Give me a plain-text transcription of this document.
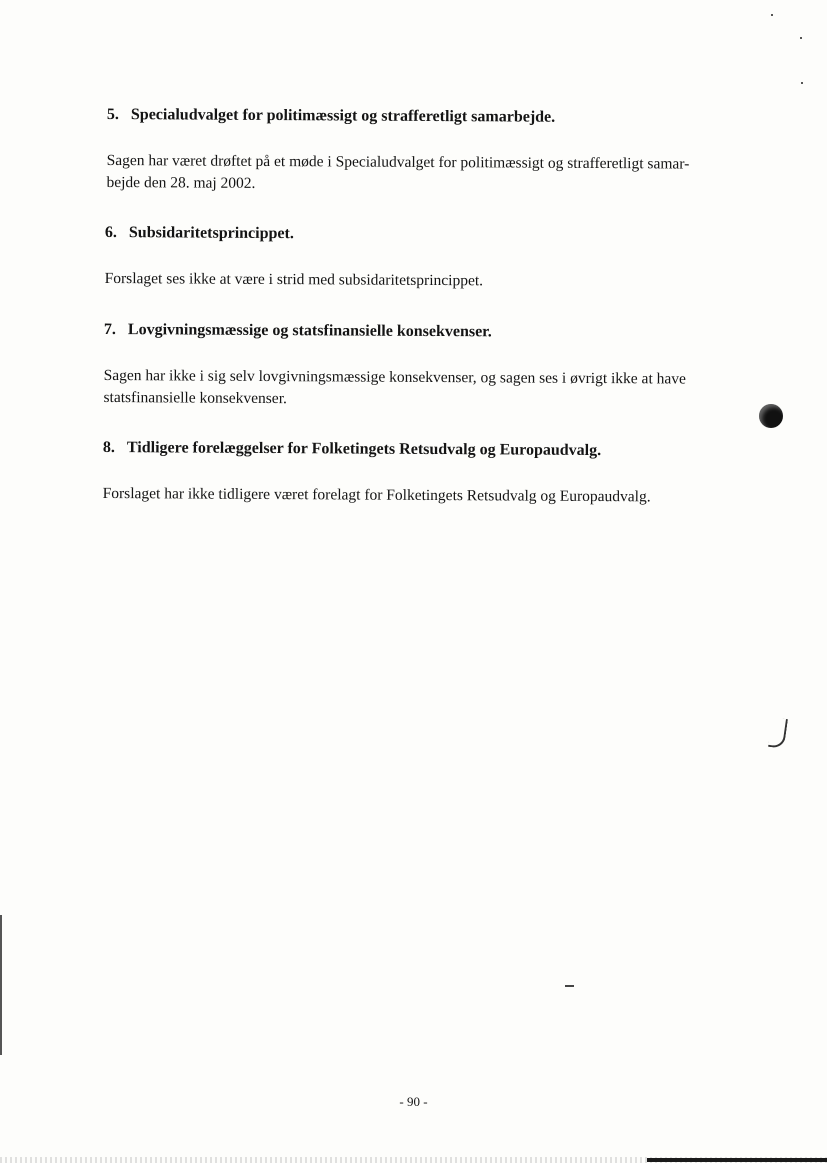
5. Specialudvalget for politimæssigt og strafferetligt samarbejde.
Sagen har været drøftet på et møde i Specialudvalget for politimæssigt og strafferetligt samar-
bejde den 28. maj 2002.
6. Subsidaritetsprincippet.
Forslaget ses ikke at være i strid med subsidaritetsprincippet.
7. Lovgivningsmæssige og statsfinansielle konsekvenser.
Sagen har ikke i sig selv lovgivningsmæssige konsekvenser, og sagen ses i øvrigt ikke at have
statsfinansielle konsekvenser.
8. Tidligere forelæggelser for Folketingets Retsudvalg og Europaudvalg.
Forslaget har ikke tidligere været forelagt for Folketingets Retsudvalg og Europaudvalg.
- 90 -
